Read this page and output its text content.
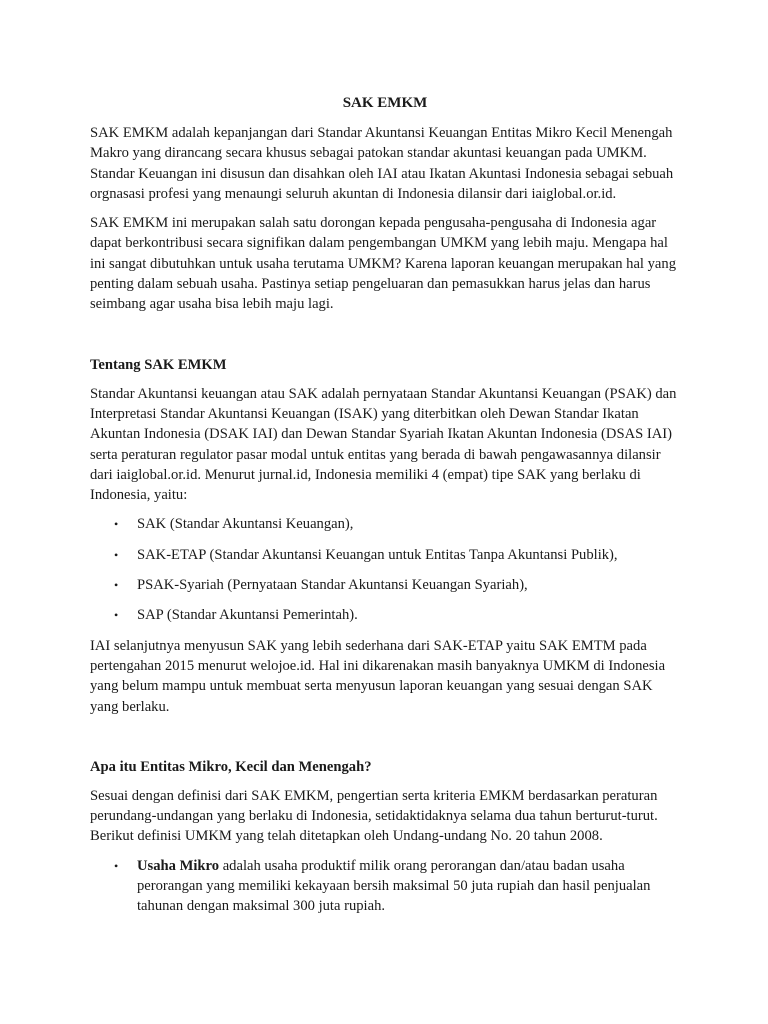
SAK EMKM

SAK EMKM adalah kepanjangan dari Standar Akuntansi Keuangan Entitas Mikro Kecil Menengah Makro yang dirancang secara khusus sebagai patokan standar akuntasi keuangan pada UMKM. Standar Keuangan ini disusun dan disahkan oleh IAI atau Ikatan Akuntasi Indonesia sebagai sebuah orgnasasi profesi yang menaungi seluruh akuntan di Indonesia dilansir dari iaiglobal.or.id.

SAK EMKM ini merupakan salah satu dorongan kepada pengusaha-pengusaha di Indonesia agar dapat berkontribusi secara signifikan dalam pengembangan UMKM yang lebih maju. Mengapa hal ini sangat dibutuhkan untuk usaha terutama UMKM? Karena laporan keuangan merupakan hal yang penting dalam sebuah usaha. Pastinya setiap pengeluaran dan pemasukkan harus jelas dan harus seimbang agar usaha bisa lebih maju lagi.

Tentang SAK EMKM

Standar Akuntansi keuangan atau SAK adalah pernyataan Standar Akuntansi Keuangan (PSAK) dan Interpretasi Standar Akuntansi Keuangan (ISAK) yang diterbitkan oleh Dewan Standar Ikatan Akuntan Indonesia (DSAK IAI) dan Dewan Standar Syariah Ikatan Akuntan Indonesia (DSAS IAI) serta peraturan regulator pasar modal untuk entitas yang berada di bawah pengawasannya dilansir dari iaiglobal.or.id. Menurut jurnal.id, Indonesia memiliki 4 (empat) tipe SAK yang berlaku di Indonesia, yaitu:

• SAK (Standar Akuntansi Keuangan),
• SAK-ETAP (Standar Akuntansi Keuangan untuk Entitas Tanpa Akuntansi Publik),
• PSAK-Syariah (Pernyataan Standar Akuntansi Keuangan Syariah),
• SAP (Standar Akuntansi Pemerintah).

IAI selanjutnya menyusun SAK yang lebih sederhana dari SAK-ETAP yaitu SAK EMTM pada pertengahan 2015 menurut welojoe.id. Hal ini dikarenakan masih banyaknya UMKM di Indonesia yang belum mampu untuk membuat serta menyusun laporan keuangan yang sesuai dengan SAK yang berlaku.

Apa itu Entitas Mikro, Kecil dan Menengah?

Sesuai dengan definisi dari SAK EMKM, pengertian serta kriteria EMKM berdasarkan peraturan perundang-undangan yang berlaku di Indonesia, setidaktidaknya selama dua tahun berturut-turut. Berikut definisi UMKM yang telah ditetapkan oleh Undang-undang No. 20 tahun 2008.

• Usaha Mikro adalah usaha produktif milik orang perorangan dan/atau badan usaha perorangan yang memiliki kekayaan bersih maksimal 50 juta rupiah dan hasil penjualan tahunan dengan maksimal 300 juta rupiah.
